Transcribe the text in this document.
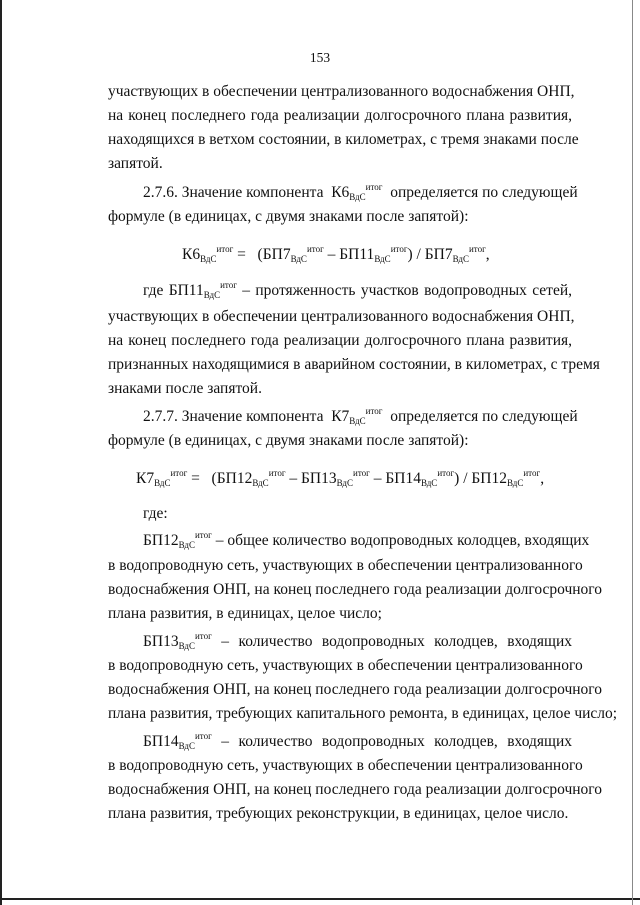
153
участвующих в обеспечении централизованного водоснабжения ОНП,
на конец последнего года реализации долгосрочного плана развития,
находящихся в ветхом состоянии, в километрах, с тремя знаками после
запятой.
2.7.6. Значение компонента $К6_{ВдС}^{итог}$ определяется по следующей
формуле (в единицах, с двумя знаками после запятой):
$К6_{ВдС}^{итог} = (БП7_{ВдС}^{итог} - БП11_{ВдС}^{итог}) / БП7_{ВдС}^{итог}$,
где $БП11_{ВдС}^{итог}$ – протяженность участков водопроводных сетей,
участвующих в обеспечении централизованного водоснабжения ОНП,
на конец последнего года реализации долгосрочного плана развития,
признанных находящимися в аварийном состоянии, в километрах, с тремя
знаками после запятой.
2.7.7. Значение компонента $К7_{ВдС}^{итог}$ определяется по следующей
формуле (в единицах, с двумя знаками после запятой):
$К7_{ВдС}^{итог} = (БП12_{ВдС}^{итог} - БП13_{ВдС}^{итог} - БП14_{ВдС}^{итог}) / БП12_{ВдС}^{итог}$,
где:
$БП12_{ВдС}^{итог}$ – общее количество водопроводных колодцев, входящих
в водопроводную сеть, участвующих в обеспечении централизованного
водоснабжения ОНП, на конец последнего года реализации долгосрочного
плана развития, в единицах, целое число;
$БП13_{ВдС}^{итог}$ – количество водопроводных колодцев, входящих
в водопроводную сеть, участвующих в обеспечении централизованного
водоснабжения ОНП, на конец последнего года реализации долгосрочного
плана развития, требующих капитального ремонта, в единицах, целое число;
$БП14_{ВдС}^{итог}$ – количество водопроводных колодцев, входящих
в водопроводную сеть, участвующих в обеспечении централизованного
водоснабжения ОНП, на конец последнего года реализации долгосрочного
плана развития, требующих реконструкции, в единицах, целое число.
